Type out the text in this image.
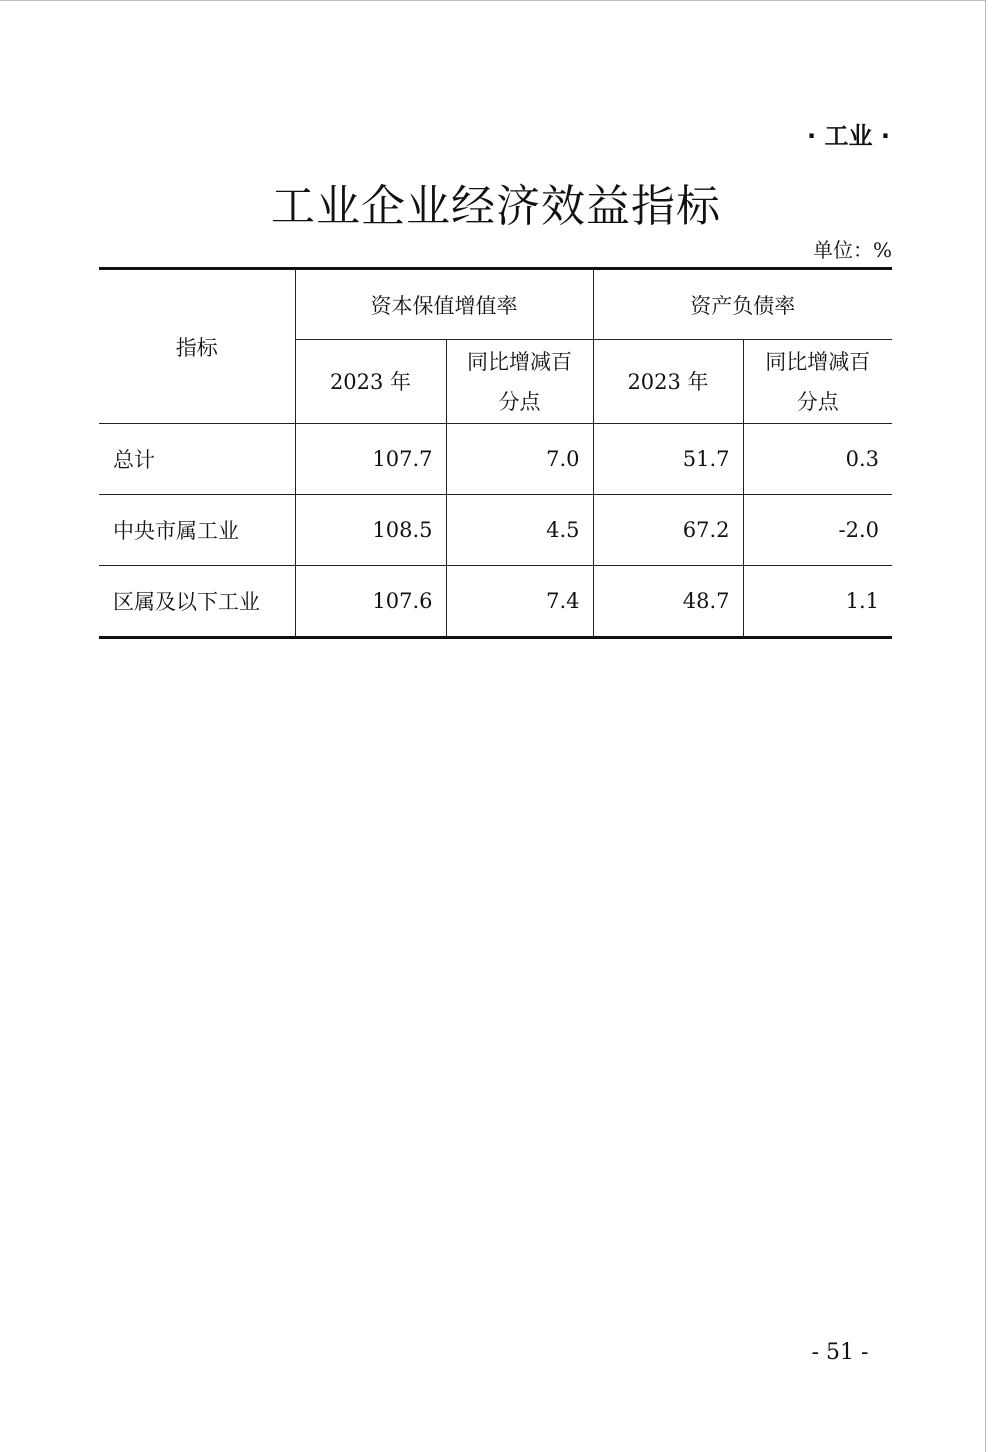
· 工业 ·
工业企业经济效益指标
单位：%
指标	资本保值增值率		资产负债率	
	2023 年	同比增减百分点	2023 年	同比增减百分点

总计	107.7	7.0	51.7	0.3
中央市属工业	108.5	4.5	67.2	-2.0
区属及以下工业	107.6	7.4	48.7	1.1
- 51 -
